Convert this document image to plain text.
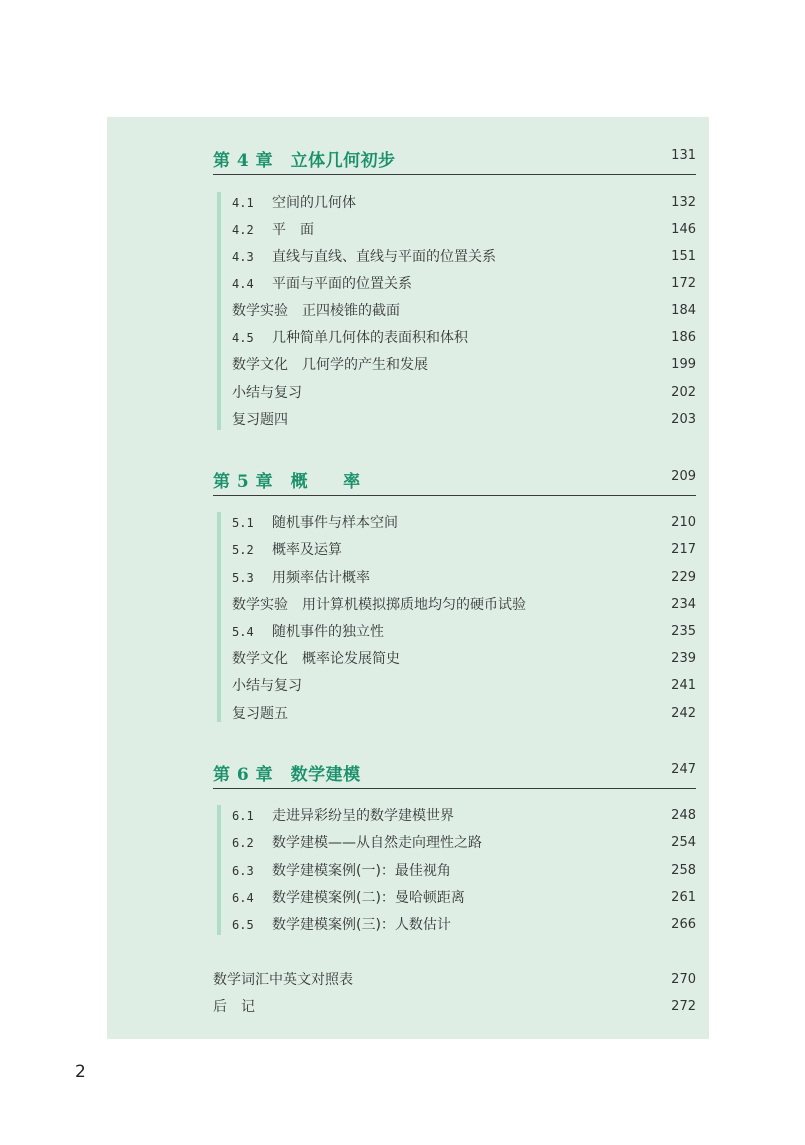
第 4 章　立体几何初步	131
4.1 空间的几何体	132
4.2 平　面	146
4.3 直线与直线、直线与平面的位置关系	151
4.4 平面与平面的位置关系	172
数学实验　正四棱锥的截面	184
4.5 几种简单几何体的表面积和体积	186
数学文化　几何学的产生和发展	199
小结与复习	202
复习题四	203
第 5 章　概　　率	209
5.1 随机事件与样本空间	210
5.2 概率及运算	217
5.3 用频率估计概率	229
数学实验　用计算机模拟掷质地均匀的硬币试验	234
5.4 随机事件的独立性	235
数学文化　概率论发展简史	239
小结与复习	241
复习题五	242
第 6 章　数学建模	247
6.1 走进异彩纷呈的数学建模世界	248
6.2 数学建模——从自然走向理性之路	254
6.3 数学建模案例(一)：最佳视角	258
6.4 数学建模案例(二)：曼哈顿距离	261
6.5 数学建模案例(三)：人数估计	266
数学词汇中英文对照表	270
后　记	272
2
